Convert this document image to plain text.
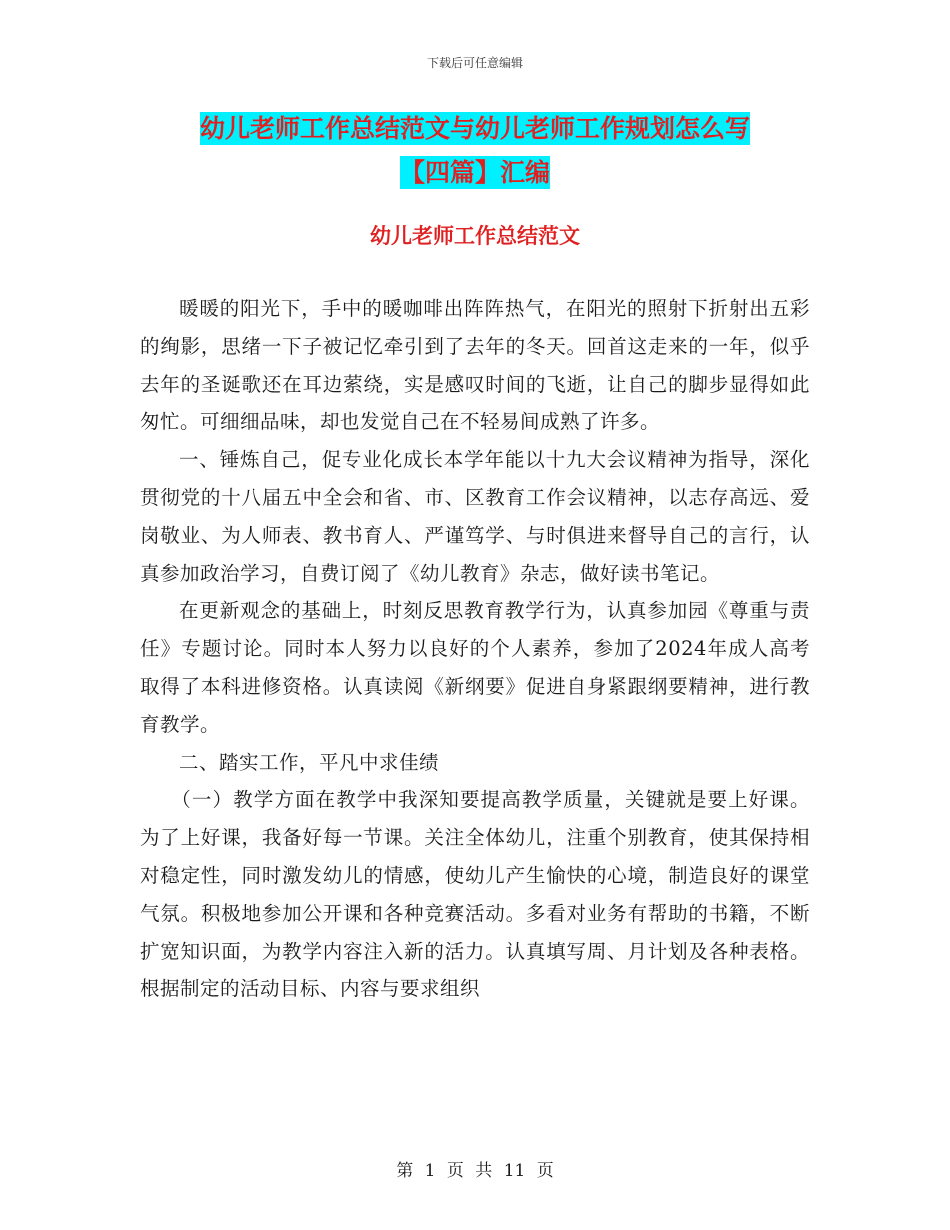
下载后可任意编辑
幼儿老师工作总结范文与幼儿老师工作规划怎么写
【四篇】汇编
幼儿老师工作总结范文

暖暖的阳光下，手中的暖咖啡出阵阵热气，在阳光的照射下折射出五彩的绚影，思绪一下子被记忆牵引到了去年的冬天。回首这走来的一年，似乎去年的圣诞歌还在耳边萦绕，实是感叹时间的飞逝，让自己的脚步显得如此匆忙。可细细品味，却也发觉自己在不轻易间成熟了许多。

一、锤炼自己，促专业化成长本学年能以十九大会议精神为指导，深化贯彻党的十八届五中全会和省、市、区教育工作会议精神，以志存高远、爱岗敬业、为人师表、教书育人、严谨笃学、与时俱进来督导自己的言行，认真参加政治学习，自费订阅了《幼儿教育》杂志，做好读书笔记。

在更新观念的基础上，时刻反思教育教学行为，认真参加园《尊重与责任》专题讨论。同时本人努力以良好的个人素养，参加了2024年成人高考取得了本科进修资格。认真读阅《新纲要》促进自身紧跟纲要精神，进行教育教学。

二、踏实工作，平凡中求佳绩

（一）教学方面在教学中我深知要提高教学质量，关键就是要上好课。为了上好课，我备好每一节课。关注全体幼儿，注重个别教育，使其保持相对稳定性，同时激发幼儿的情感，使幼儿产生愉快的心境，制造良好的课堂气氛。积极地参加公开课和各种竞赛活动。多看对业务有帮助的书籍，不断扩宽知识面，为教学内容注入新的活力。认真填写周、月计划及各种表格。根据制定的活动目标、内容与要求组织

第 1 页 共 11 页
